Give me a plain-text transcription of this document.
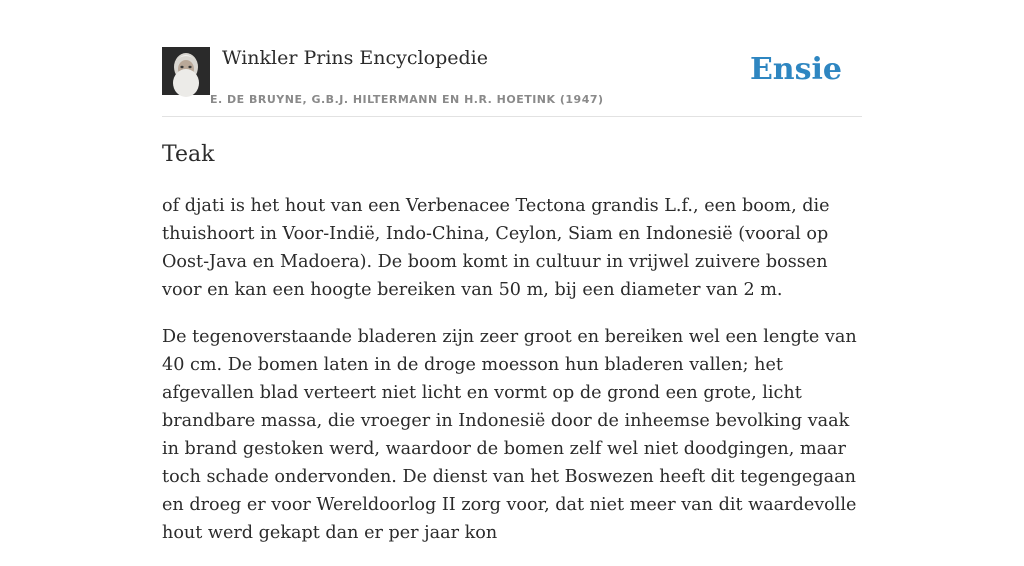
Winkler Prins Encyclopedie
E. DE BRUYNE, G.B.J. HILTERMANN EN H.R. HOETINK (1947)
Ensie
Teak

of djati is het hout van een Verbenacee Tectona grandis L.f., een boom, die thuishoort in Voor-Indië, Indo-China, Ceylon, Siam en Indonesië (vooral op Oost-Java en Madoera). De boom komt in cultuur in vrijwel zuivere bossen voor en kan een hoogte bereiken van 50 m, bij een diameter van 2 m.

De tegenoverstaande bladeren zijn zeer groot en bereiken wel een lengte van 40 cm. De bomen laten in de droge moesson hun bladeren vallen; het afgevallen blad verteert niet licht en vormt op de grond een grote, licht brandbare massa, die vroeger in Indonesië door de inheemse bevolking vaak in brand gestoken werd, waardoor de bomen zelf wel niet doodgingen, maar toch schade ondervonden. De dienst van het Boswezen heeft dit tegengegaan en droeg er voor Wereldoorlog II zorg voor, dat niet meer van dit waardevolle hout werd gekapt dan er per jaar kon
